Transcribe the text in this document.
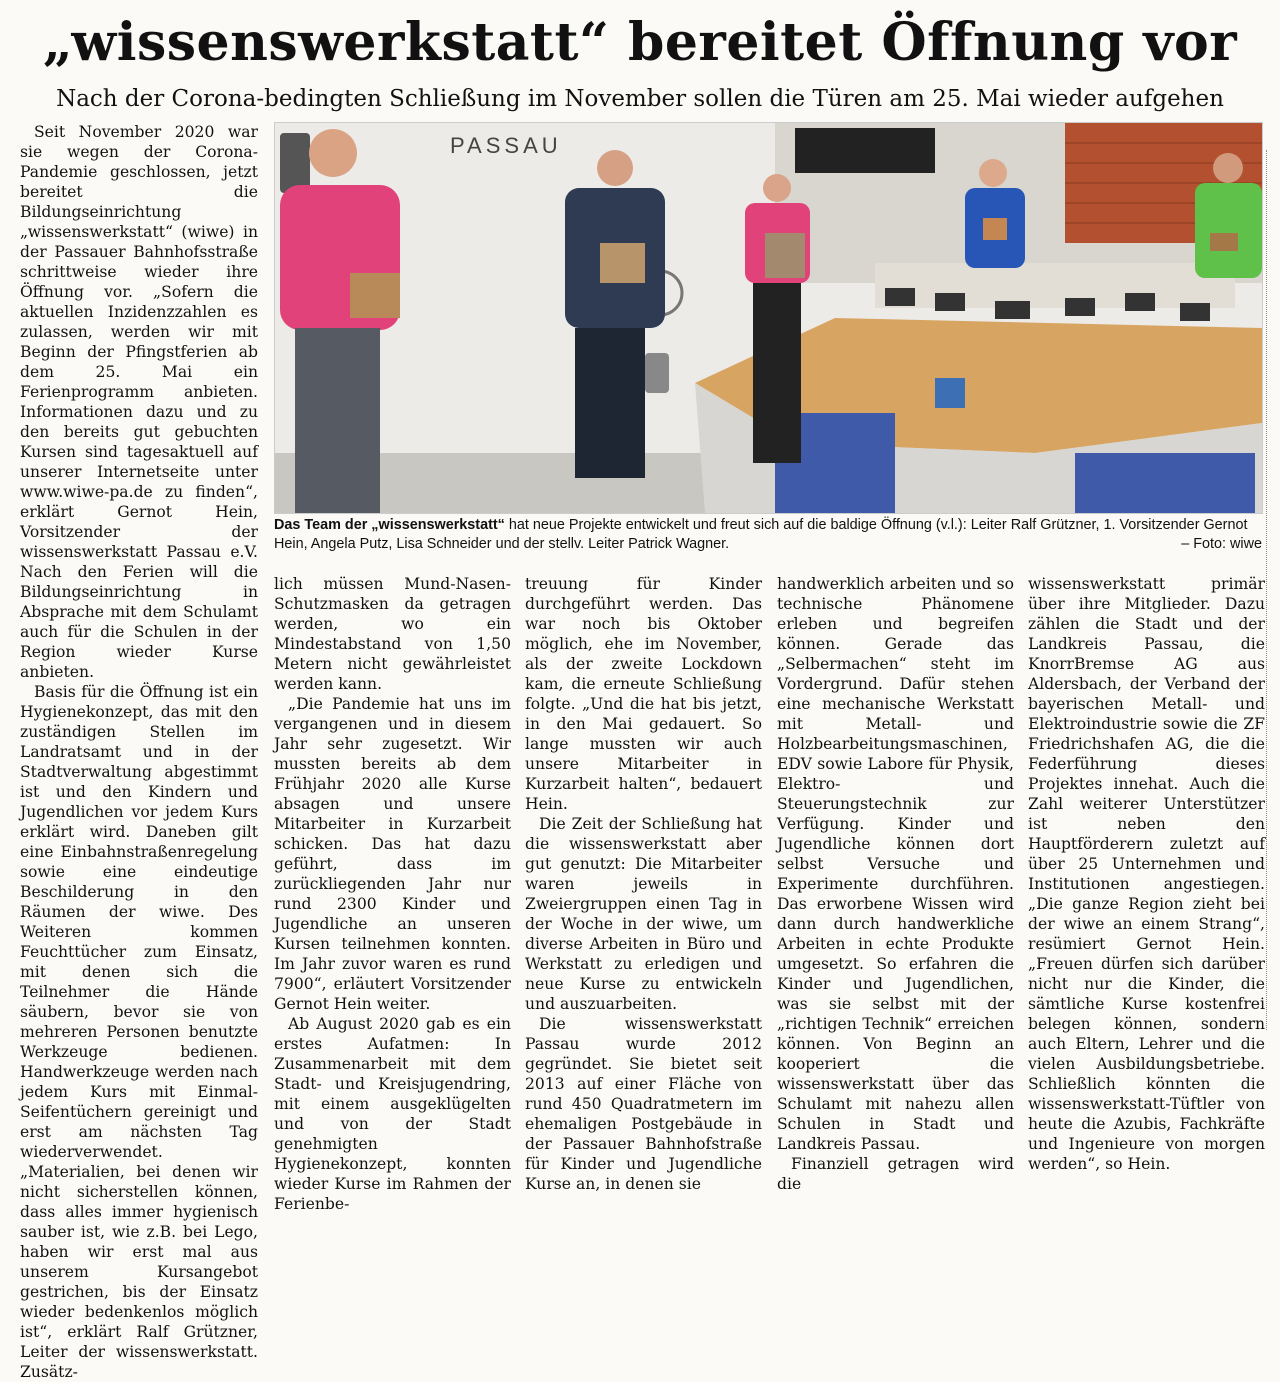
„wissenswerkstatt“ bereitet Öffnung vor
Nach der Corona-bedingten Schließung im November sollen die Türen am 25. Mai wieder aufgehen

Seit November 2020 war sie wegen der Corona-Pandemie geschlossen, jetzt bereitet die Bildungseinrichtung „wissenswerkstatt“ (wiwe) in der Passauer Bahnhofsstraße schrittweise wieder ihre Öffnung vor. „Sofern die aktuellen Inzidenzzahlen es zulassen, werden wir mit Beginn der Pfingstferien ab dem 25. Mai ein Ferienprogramm anbieten. Informationen dazu und zu den bereits gut gebuchten Kursen sind tagesaktuell auf unserer Internetseite unter www.wiwe-pa.de zu finden“, erklärt Gernot Hein, Vorsitzender der wissenswerkstatt Passau e.V. Nach den Ferien will die Bildungseinrichtung in Absprache mit dem Schulamt auch für die Schulen in der Region wieder Kurse anbieten.

Basis für die Öffnung ist ein Hygienekonzept, das mit den zuständigen Stellen im Landratsamt und in der Stadtverwaltung abgestimmt ist und den Kindern und Jugendlichen vor jedem Kurs erklärt wird. Daneben gilt eine Einbahnstraßenregelung sowie eine eindeutige Beschilderung in den Räumen der wiwe. Des Weiteren kommen Feuchttücher zum Einsatz, mit denen sich die Teilnehmer die Hände säubern, bevor sie von mehreren Personen benutzte Werkzeuge bedienen. Handwerkzeuge werden nach jedem Kurs mit Einmal-Seifentüchern gereinigt und erst am nächsten Tag wiederverwendet. „Materialien, bei denen wir nicht sicherstellen können, dass alles immer hygienisch sauber ist, wie z.B. bei Lego, haben wir erst mal aus unserem Kursangebot gestrichen, bis der Einsatz wieder bedenkenlos möglich ist“, erklärt Ralf Grützner, Leiter der wissenswerkstatt. Zusätz-

PASSAU
Das Team der „wissenswerkstatt“ hat neue Projekte entwickelt und freut sich auf die baldige Öffnung (v.l.): Leiter Ralf Grützner, 1. Vorsitzender Gernot Hein, Angela Putz, Lisa Schneider und der stellv. Leiter Patrick Wagner.	– Foto: wiwe

lich müssen Mund-Nasen-Schutzmasken da getragen werden, wo ein Mindestabstand von 1,50 Metern nicht gewährleistet werden kann.

„Die Pandemie hat uns im vergangenen und in diesem Jahr sehr zugesetzt. Wir mussten bereits ab dem Frühjahr 2020 alle Kurse absagen und unsere Mitarbeiter in Kurzarbeit schicken. Das hat dazu geführt, dass im zurückliegenden Jahr nur rund 2300 Kinder und Jugendliche an unseren Kursen teilnehmen konnten. Im Jahr zuvor waren es rund 7900“, erläutert Vorsitzender Gernot Hein weiter.

Ab August 2020 gab es ein erstes Aufatmen: In Zusammenarbeit mit dem Stadt- und Kreisjugendring, mit einem ausgeklügelten und von der Stadt genehmigten Hygienekonzept, konnten wieder Kurse im Rahmen der Ferienbe-

treuung für Kinder durchgeführt werden. Das war noch bis Oktober möglich, ehe im November, als der zweite Lockdown kam, die erneute Schließung folgte. „Und die hat bis jetzt, in den Mai gedauert. So lange mussten wir auch unsere Mitarbeiter in Kurzarbeit halten“, bedauert Hein.

Die Zeit der Schließung hat die wissenswerkstatt aber gut genutzt: Die Mitarbeiter waren jeweils in Zweiergruppen einen Tag in der Woche in der wiwe, um diverse Arbeiten in Büro und Werkstatt zu erledigen und neue Kurse zu entwickeln und auszuarbeiten.

Die wissenswerkstatt Passau wurde 2012 gegründet. Sie bietet seit 2013 auf einer Fläche von rund 450 Quadratmetern im ehemaligen Postgebäude in der Passauer Bahnhofstraße für Kinder und Jugendliche Kurse an, in denen sie

handwerklich arbeiten und so technische Phänomene erleben und begreifen können. Gerade das „Selbermachen“ steht im Vordergrund. Dafür stehen eine mechanische Werkstatt mit Metall- und Holzbearbeitungsmaschinen, EDV sowie Labore für Physik, Elektro- und Steuerungstechnik zur Verfügung. Kinder und Jugendliche können dort selbst Versuche und Experimente durchführen. Das erworbene Wissen wird dann durch handwerkliche Arbeiten in echte Produkte umgesetzt. So erfahren die Kinder und Jugendlichen, was sie selbst mit der „richtigen Technik“ erreichen können. Von Beginn an kooperiert die wissenswerkstatt über das Schulamt mit nahezu allen Schulen in Stadt und Landkreis Passau.

Finanziell getragen wird die

wissenswerkstatt primär über ihre Mitglieder. Dazu zählen die Stadt und der Landkreis Passau, die KnorrBremse AG aus Aldersbach, der Verband der bayerischen Metall- und Elektroindustrie sowie die ZF Friedrichshafen AG, die die Federführung dieses Projektes innehat. Auch die Zahl weiterer Unterstützer ist neben den Hauptförderern zuletzt auf über 25 Unternehmen und Institutionen angestiegen. „Die ganze Region zieht bei der wiwe an einem Strang“, resümiert Gernot Hein. „Freuen dürfen sich darüber nicht nur die Kinder, die sämtliche Kurse kostenfrei belegen können, sondern auch Eltern, Lehrer und die vielen Ausbildungsbetriebe. Schließlich könnten die wissenswerkstatt-Tüftler von heute die Azubis, Fachkräfte und Ingenieure von morgen werden“, so Hein.
